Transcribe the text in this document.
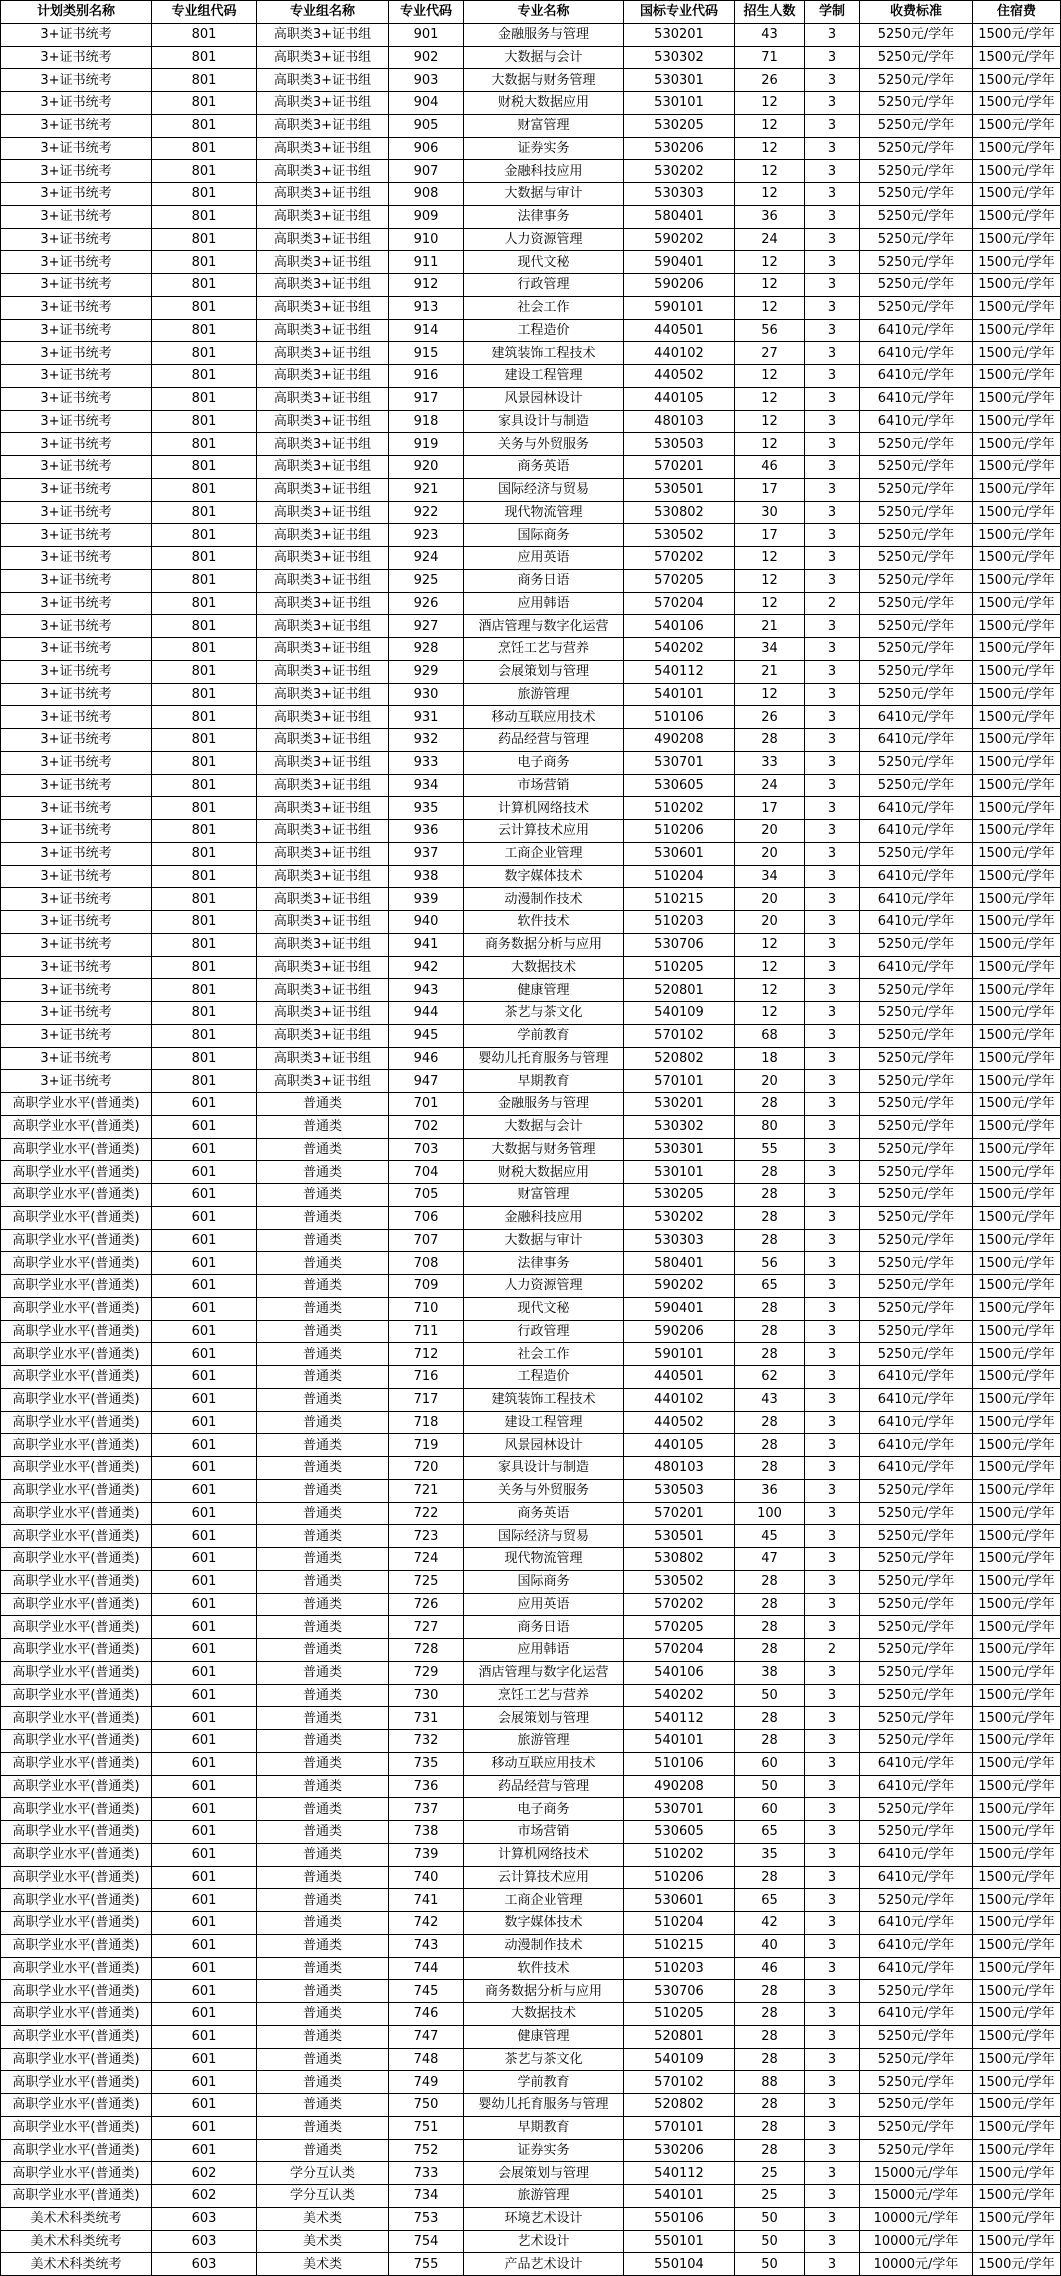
计划类别名称	专业组代码	专业组名称	专业代码	专业名称	国标专业代码	招生人数	学制	收费标准	住宿费
3+证书统考	801	高职类3+证书组	901	金融服务与管理	530201	43	3	5250元/学年	1500元/学年
3+证书统考	801	高职类3+证书组	902	大数据与会计	530302	71	3	5250元/学年	1500元/学年
3+证书统考	801	高职类3+证书组	903	大数据与财务管理	530301	26	3	5250元/学年	1500元/学年
3+证书统考	801	高职类3+证书组	904	财税大数据应用	530101	12	3	5250元/学年	1500元/学年
3+证书统考	801	高职类3+证书组	905	财富管理	530205	12	3	5250元/学年	1500元/学年
3+证书统考	801	高职类3+证书组	906	证券实务	530206	12	3	5250元/学年	1500元/学年
3+证书统考	801	高职类3+证书组	907	金融科技应用	530202	12	3	5250元/学年	1500元/学年
3+证书统考	801	高职类3+证书组	908	大数据与审计	530303	12	3	5250元/学年	1500元/学年
3+证书统考	801	高职类3+证书组	909	法律事务	580401	36	3	5250元/学年	1500元/学年
3+证书统考	801	高职类3+证书组	910	人力资源管理	590202	24	3	5250元/学年	1500元/学年
3+证书统考	801	高职类3+证书组	911	现代文秘	590401	12	3	5250元/学年	1500元/学年
3+证书统考	801	高职类3+证书组	912	行政管理	590206	12	3	5250元/学年	1500元/学年
3+证书统考	801	高职类3+证书组	913	社会工作	590101	12	3	5250元/学年	1500元/学年
3+证书统考	801	高职类3+证书组	914	工程造价	440501	56	3	6410元/学年	1500元/学年
3+证书统考	801	高职类3+证书组	915	建筑装饰工程技术	440102	27	3	6410元/学年	1500元/学年
3+证书统考	801	高职类3+证书组	916	建设工程管理	440502	12	3	6410元/学年	1500元/学年
3+证书统考	801	高职类3+证书组	917	风景园林设计	440105	12	3	6410元/学年	1500元/学年
3+证书统考	801	高职类3+证书组	918	家具设计与制造	480103	12	3	6410元/学年	1500元/学年
3+证书统考	801	高职类3+证书组	919	关务与外贸服务	530503	12	3	5250元/学年	1500元/学年
3+证书统考	801	高职类3+证书组	920	商务英语	570201	46	3	5250元/学年	1500元/学年
3+证书统考	801	高职类3+证书组	921	国际经济与贸易	530501	17	3	5250元/学年	1500元/学年
3+证书统考	801	高职类3+证书组	922	现代物流管理	530802	30	3	5250元/学年	1500元/学年
3+证书统考	801	高职类3+证书组	923	国际商务	530502	17	3	5250元/学年	1500元/学年
3+证书统考	801	高职类3+证书组	924	应用英语	570202	12	3	5250元/学年	1500元/学年
3+证书统考	801	高职类3+证书组	925	商务日语	570205	12	3	5250元/学年	1500元/学年
3+证书统考	801	高职类3+证书组	926	应用韩语	570204	12	2	5250元/学年	1500元/学年
3+证书统考	801	高职类3+证书组	927	酒店管理与数字化运营	540106	21	3	5250元/学年	1500元/学年
3+证书统考	801	高职类3+证书组	928	烹饪工艺与营养	540202	34	3	5250元/学年	1500元/学年
3+证书统考	801	高职类3+证书组	929	会展策划与管理	540112	21	3	5250元/学年	1500元/学年
3+证书统考	801	高职类3+证书组	930	旅游管理	540101	12	3	5250元/学年	1500元/学年
3+证书统考	801	高职类3+证书组	931	移动互联应用技术	510106	26	3	6410元/学年	1500元/学年
3+证书统考	801	高职类3+证书组	932	药品经营与管理	490208	28	3	6410元/学年	1500元/学年
3+证书统考	801	高职类3+证书组	933	电子商务	530701	33	3	5250元/学年	1500元/学年
3+证书统考	801	高职类3+证书组	934	市场营销	530605	24	3	5250元/学年	1500元/学年
3+证书统考	801	高职类3+证书组	935	计算机网络技术	510202	17	3	6410元/学年	1500元/学年
3+证书统考	801	高职类3+证书组	936	云计算技术应用	510206	20	3	6410元/学年	1500元/学年
3+证书统考	801	高职类3+证书组	937	工商企业管理	530601	20	3	5250元/学年	1500元/学年
3+证书统考	801	高职类3+证书组	938	数字媒体技术	510204	34	3	6410元/学年	1500元/学年
3+证书统考	801	高职类3+证书组	939	动漫制作技术	510215	20	3	6410元/学年	1500元/学年
3+证书统考	801	高职类3+证书组	940	软件技术	510203	20	3	6410元/学年	1500元/学年
3+证书统考	801	高职类3+证书组	941	商务数据分析与应用	530706	12	3	5250元/学年	1500元/学年
3+证书统考	801	高职类3+证书组	942	大数据技术	510205	12	3	6410元/学年	1500元/学年
3+证书统考	801	高职类3+证书组	943	健康管理	520801	12	3	5250元/学年	1500元/学年
3+证书统考	801	高职类3+证书组	944	茶艺与茶文化	540109	12	3	5250元/学年	1500元/学年
3+证书统考	801	高职类3+证书组	945	学前教育	570102	68	3	5250元/学年	1500元/学年
3+证书统考	801	高职类3+证书组	946	婴幼儿托育服务与管理	520802	18	3	5250元/学年	1500元/学年
3+证书统考	801	高职类3+证书组	947	早期教育	570101	20	3	5250元/学年	1500元/学年
高职学业水平(普通类)	601	普通类	701	金融服务与管理	530201	28	3	5250元/学年	1500元/学年
高职学业水平(普通类)	601	普通类	702	大数据与会计	530302	80	3	5250元/学年	1500元/学年
高职学业水平(普通类)	601	普通类	703	大数据与财务管理	530301	55	3	5250元/学年	1500元/学年
高职学业水平(普通类)	601	普通类	704	财税大数据应用	530101	28	3	5250元/学年	1500元/学年
高职学业水平(普通类)	601	普通类	705	财富管理	530205	28	3	5250元/学年	1500元/学年
高职学业水平(普通类)	601	普通类	706	金融科技应用	530202	28	3	5250元/学年	1500元/学年
高职学业水平(普通类)	601	普通类	707	大数据与审计	530303	28	3	5250元/学年	1500元/学年
高职学业水平(普通类)	601	普通类	708	法律事务	580401	56	3	5250元/学年	1500元/学年
高职学业水平(普通类)	601	普通类	709	人力资源管理	590202	65	3	5250元/学年	1500元/学年
高职学业水平(普通类)	601	普通类	710	现代文秘	590401	28	3	5250元/学年	1500元/学年
高职学业水平(普通类)	601	普通类	711	行政管理	590206	28	3	5250元/学年	1500元/学年
高职学业水平(普通类)	601	普通类	712	社会工作	590101	28	3	5250元/学年	1500元/学年
高职学业水平(普通类)	601	普通类	716	工程造价	440501	62	3	6410元/学年	1500元/学年
高职学业水平(普通类)	601	普通类	717	建筑装饰工程技术	440102	43	3	6410元/学年	1500元/学年
高职学业水平(普通类)	601	普通类	718	建设工程管理	440502	28	3	6410元/学年	1500元/学年
高职学业水平(普通类)	601	普通类	719	风景园林设计	440105	28	3	6410元/学年	1500元/学年
高职学业水平(普通类)	601	普通类	720	家具设计与制造	480103	28	3	6410元/学年	1500元/学年
高职学业水平(普通类)	601	普通类	721	关务与外贸服务	530503	36	3	5250元/学年	1500元/学年
高职学业水平(普通类)	601	普通类	722	商务英语	570201	100	3	5250元/学年	1500元/学年
高职学业水平(普通类)	601	普通类	723	国际经济与贸易	530501	45	3	5250元/学年	1500元/学年
高职学业水平(普通类)	601	普通类	724	现代物流管理	530802	47	3	5250元/学年	1500元/学年
高职学业水平(普通类)	601	普通类	725	国际商务	530502	28	3	5250元/学年	1500元/学年
高职学业水平(普通类)	601	普通类	726	应用英语	570202	28	3	5250元/学年	1500元/学年
高职学业水平(普通类)	601	普通类	727	商务日语	570205	28	3	5250元/学年	1500元/学年
高职学业水平(普通类)	601	普通类	728	应用韩语	570204	28	2	5250元/学年	1500元/学年
高职学业水平(普通类)	601	普通类	729	酒店管理与数字化运营	540106	38	3	5250元/学年	1500元/学年
高职学业水平(普通类)	601	普通类	730	烹饪工艺与营养	540202	50	3	5250元/学年	1500元/学年
高职学业水平(普通类)	601	普通类	731	会展策划与管理	540112	28	3	5250元/学年	1500元/学年
高职学业水平(普通类)	601	普通类	732	旅游管理	540101	28	3	5250元/学年	1500元/学年
高职学业水平(普通类)	601	普通类	735	移动互联应用技术	510106	60	3	6410元/学年	1500元/学年
高职学业水平(普通类)	601	普通类	736	药品经营与管理	490208	50	3	6410元/学年	1500元/学年
高职学业水平(普通类)	601	普通类	737	电子商务	530701	60	3	5250元/学年	1500元/学年
高职学业水平(普通类)	601	普通类	738	市场营销	530605	65	3	5250元/学年	1500元/学年
高职学业水平(普通类)	601	普通类	739	计算机网络技术	510202	35	3	6410元/学年	1500元/学年
高职学业水平(普通类)	601	普通类	740	云计算技术应用	510206	28	3	6410元/学年	1500元/学年
高职学业水平(普通类)	601	普通类	741	工商企业管理	530601	65	3	5250元/学年	1500元/学年
高职学业水平(普通类)	601	普通类	742	数字媒体技术	510204	42	3	6410元/学年	1500元/学年
高职学业水平(普通类)	601	普通类	743	动漫制作技术	510215	40	3	6410元/学年	1500元/学年
高职学业水平(普通类)	601	普通类	744	软件技术	510203	46	3	6410元/学年	1500元/学年
高职学业水平(普通类)	601	普通类	745	商务数据分析与应用	530706	28	3	5250元/学年	1500元/学年
高职学业水平(普通类)	601	普通类	746	大数据技术	510205	28	3	6410元/学年	1500元/学年
高职学业水平(普通类)	601	普通类	747	健康管理	520801	28	3	5250元/学年	1500元/学年
高职学业水平(普通类)	601	普通类	748	茶艺与茶文化	540109	28	3	5250元/学年	1500元/学年
高职学业水平(普通类)	601	普通类	749	学前教育	570102	88	3	5250元/学年	1500元/学年
高职学业水平(普通类)	601	普通类	750	婴幼儿托育服务与管理	520802	28	3	5250元/学年	1500元/学年
高职学业水平(普通类)	601	普通类	751	早期教育	570101	28	3	5250元/学年	1500元/学年
高职学业水平(普通类)	601	普通类	752	证券实务	530206	28	3	5250元/学年	1500元/学年
高职学业水平(普通类)	602	学分互认类	733	会展策划与管理	540112	25	3	15000元/学年	1500元/学年
高职学业水平(普通类)	602	学分互认类	734	旅游管理	540101	25	3	15000元/学年	1500元/学年
美术术科类统考	603	美术类	753	环境艺术设计	550106	50	3	10000元/学年	1500元/学年
美术术科类统考	603	美术类	754	艺术设计	550101	50	3	10000元/学年	1500元/学年
美术术科类统考	603	美术类	755	产品艺术设计	550104	50	3	10000元/学年	1500元/学年
